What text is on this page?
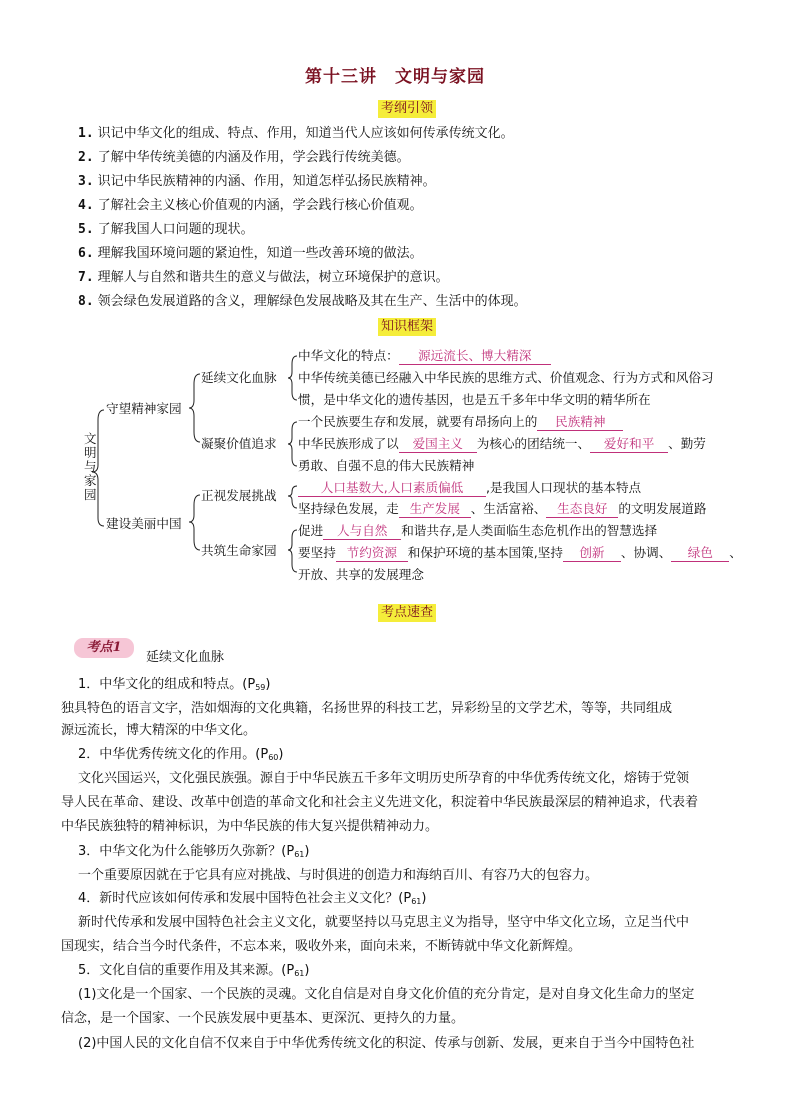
第十三讲　文明与家园
考纲引领
1. 识记中华文化的组成、特点、作用，知道当代人应该如何传承传统文化。
2. 了解中华传统美德的内涵及作用，学会践行传统美德。
3. 识记中华民族精神的内涵、作用，知道怎样弘扬民族精神。
4. 了解社会主义核心价值观的内涵，学会践行核心价值观。
5. 了解我国人口问题的现状。
6. 理解我国环境问题的紧迫性，知道一些改善环境的做法。
7. 理解人与自然和谐共生的意义与做法，树立环境保护的意识。
8. 领会绿色发展道路的含义，理解绿色发展战略及其在生产、生活中的体现。
知识框架
文
明
与
家
园
守望精神家园
建设美丽中国
延续文化血脉
凝聚价值追求
正视发展挑战
共筑生命家园
中华文化的特点： 源远流长、博大精深
中华传统美德已经融入中华民族的思维方式、价值观念、行为方式和风俗习
惯，是中华文化的遗传基因，也是五千多年中华文明的精华所在
一个民族要生存和发展，就要有昂扬向上的 民族精神
中华民族形成了以 爱国主义 为核心的团结统一、 爱好和平 、勤劳
勇敢、自强不息的伟大民族精神
人口基数大,人口素质偏低 ,是我国人口现状的基本特点
坚持绿色发展，走 生产发展 、生活富裕、 生态良好 的文明发展道路
促进 人与自然 和谐共存,是人类面临生态危机作出的智慧选择
要坚持 节约资源 和保护环境的基本国策,坚持 创新 、协调、 绿色 、
开放、共享的发展理念
考点速查
考点1
延续文化血脉
1．中华文化的组成和特点。$(P_{59})$
独具特色的语言文字，浩如烟海的文化典籍，名扬世界的科技工艺，异彩纷呈的文学艺术，等等，共同组成
源远流长，博大精深的中华文化。
2．中华优秀传统文化的作用。$(P_{60})$
文化兴国运兴，文化强民族强。源自于中华民族五千多年文明历史所孕育的中华优秀传统文化，熔铸于党领
导人民在革命、建设、改革中创造的革命文化和社会主义先进文化，积淀着中华民族最深层的精神追求，代表着
中华民族独特的精神标识，为中华民族的伟大复兴提供精神动力。
3．中华文化为什么能够历久弥新？$(P_{61})$
一个重要原因就在于它具有应对挑战、与时俱进的创造力和海纳百川、有容乃大的包容力。
4．新时代应该如何传承和发展中国特色社会主义文化？$(P_{61})$
新时代传承和发展中国特色社会主义文化，就要坚持以马克思主义为指导，坚守中华文化立场，立足当代中
国现实，结合当今时代条件，不忘本来，吸收外来，面向未来，不断铸就中华文化新辉煌。
5．文化自信的重要作用及其来源。$(P_{61})$
(1)文化是一个国家、一个民族的灵魂。文化自信是对自身文化价值的充分肯定，是对自身文化生命力的坚定
信念，是一个国家、一个民族发展中更基本、更深沉、更持久的力量。
(2)中国人民的文化自信不仅来自于中华优秀传统文化的积淀、传承与创新、发展，更来自于当今中国特色社
